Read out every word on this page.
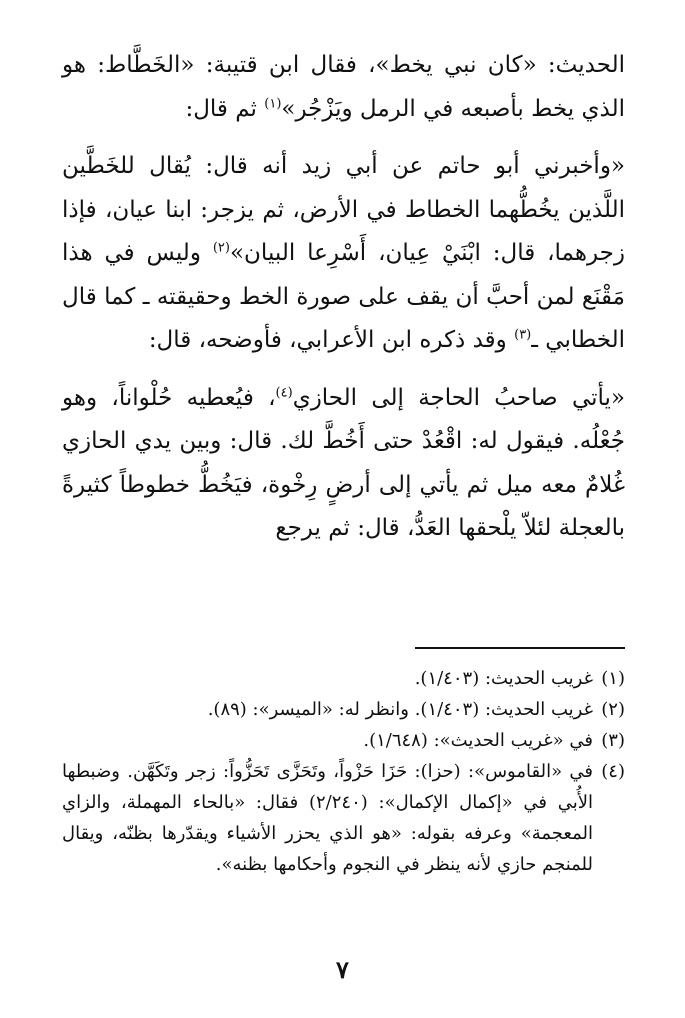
الحديث: «كان نبي يخط»، فقال ابن قتيبة: «الخَطَّاط: هو الذي يخط بأصبعه في الرمل ويَزْجُر»$^{(١)}$ ثم قال:

«وأخبرني أبو حاتم عن أبي زيد أنه قال: يُقال للخَطَّين اللَّذين يخُطُّهما الخطاط في الأرض، ثم يزجر: ابنا عيان، فإذا زجرهما، قال: ابْنَيْ عِيان، أَسْرِعا البيان»$^{(٢)}$ وليس في هذا مَقْنَع لمن أحبَّ أن يقف على صورة الخط وحقيقته ـ كما قال الخطابي ـ$^{(٣)}$ وقد ذكره ابن الأعرابي، فأوضحه، قال:

«يأتي صاحبُ الحاجة إلى الحازي$^{(٤)}$، فيُعطيه حُلْواناً، وهو جُعْلُه. فيقول له: اقْعُدْ حتى أَخُطَّ لك. قال: وبين يدي الحازي غُلامٌ معه ميل ثم يأتي إلى أرضٍ رِخْوة، فيَخُطُّ خطوطاً كثيرةً بالعجلة لئلاّ يلْحقها العَدُّ، قال: ثم يرجع

(١)
غريب الحديث: (١/٤٠٣).
(٢)
غريب الحديث: (١/٤٠٣). وانظر له: «الميسر»: (٨٩).
(٣)
في «غريب الحديث»: (١/٦٤٨).
(٤)
في «القاموس»: (حزا): حَزَا حَزْواً، وتَحَزَّى تَحَزُّواً: زجر وتَكَهَّن. وضبطها الأُبي في «إكمال الإكمال»: (٢/٢٤٠) فقال: «بالحاء المهملة، والزاي المعجمة» وعرفه بقوله: «هو الذي يحزر الأشياء ويقدّرها بظنّه، ويقال للمنجم حازي لأنه ينظر في النجوم وأحكامها بظنه».
٧
